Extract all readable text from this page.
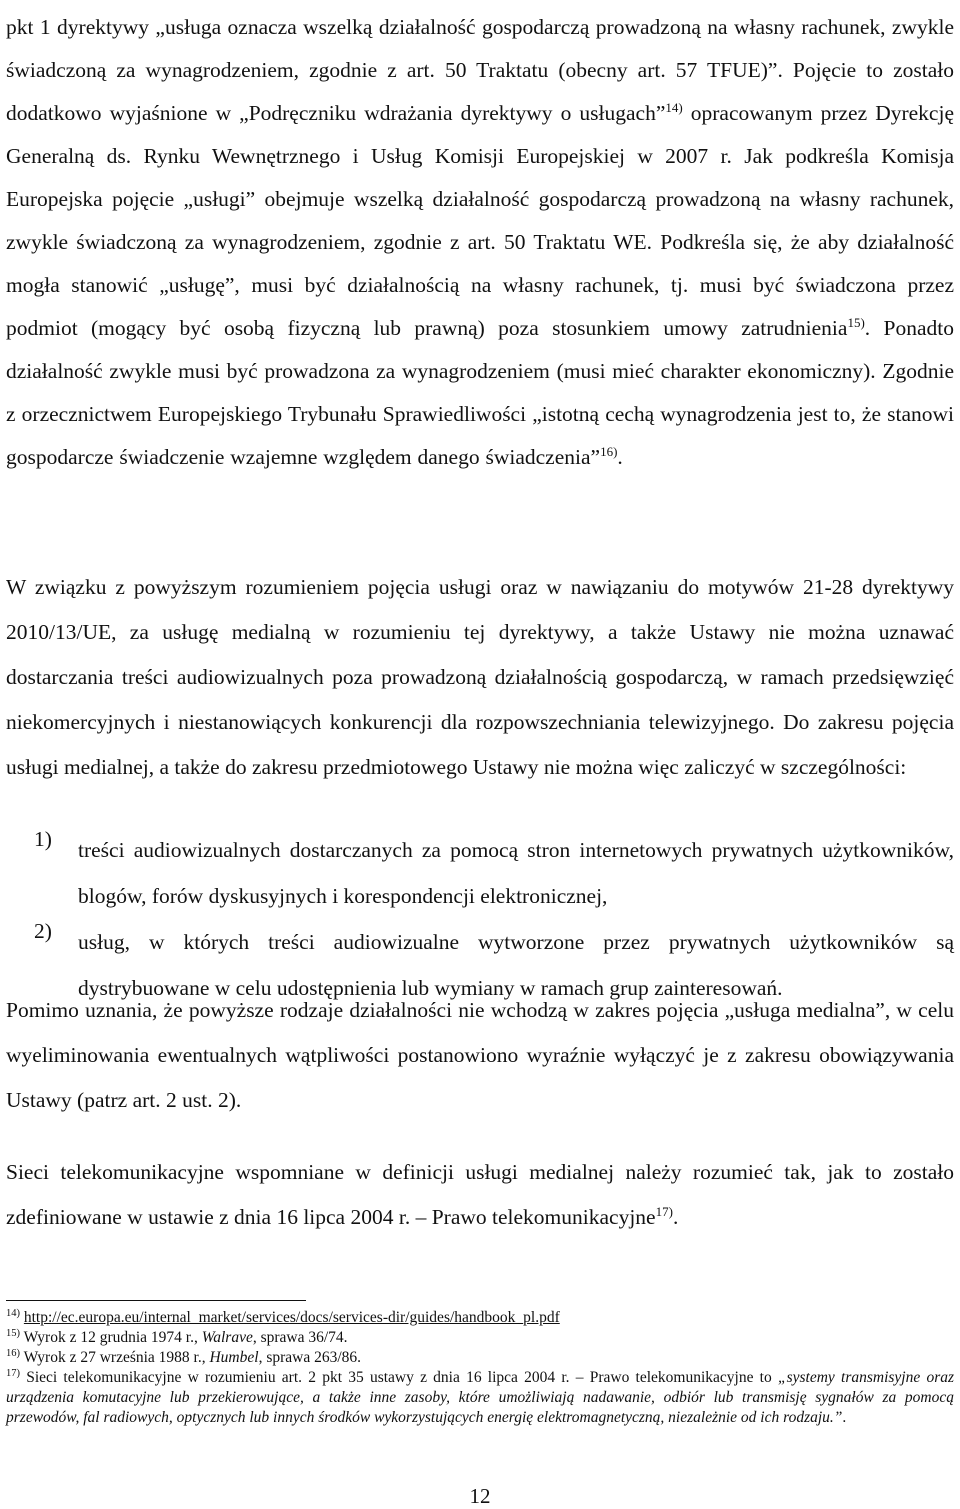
pkt 1 dyrektywy „usługa oznacza wszelką działalność gospodarczą prowadzoną na własny rachunek, zwykle świadczoną za wynagrodzeniem, zgodnie z art. 50 Traktatu (obecny art. 57 TFUE)”. Pojęcie to zostało dodatkowo wyjaśnione w „Podręczniku wdrażania dyrektywy o usługach”$^{14)}$ opracowanym przez Dyrekcję Generalną ds. Rynku Wewnętrznego i Usług Komisji Europejskiej w 2007 r. Jak podkreśla Komisja Europejska pojęcie „usługi” obejmuje wszelką działalność gospodarczą prowadzoną na własny rachunek, zwykle świadczoną za wynagrodzeniem, zgodnie z art. 50 Traktatu WE. Podkreśla się, że aby działalność mogła stanowić „usługę”, musi być działalnością na własny rachunek, tj. musi być świadczona przez podmiot (mogący być osobą fizyczną lub prawną) poza stosunkiem umowy zatrudnienia$^{15)}$. Ponadto działalność zwykle musi być prowadzona za wynagrodzeniem (musi mieć charakter ekonomiczny). Zgodnie z orzecznictwem Europejskiego Trybunału Sprawiedliwości „istotną cechą wynagrodzenia jest to, że stanowi gospodarcze świadczenie wzajemne względem danego świadczenia”$^{16)}$.

W związku z powyższym rozumieniem pojęcia usługi oraz w nawiązaniu do motywów 21-28 dyrektywy 2010/13/UE, za usługę medialną w rozumieniu tej dyrektywy, a także Ustawy nie można uznawać dostarczania treści audiowizualnych poza prowadzoną działalnością gospodarczą, w ramach przedsięwzięć niekomercyjnych i niestanowiących konkurencji dla rozpowszechniania telewizyjnego. Do zakresu pojęcia usługi medialnej, a także do zakresu przedmiotowego Ustawy nie można więc zaliczyć w szczególności:

1) treści audiowizualnych dostarczanych za pomocą stron internetowych prywatnych użytkowników, blogów, forów dyskusyjnych i korespondencji elektronicznej,
2) usług, w których treści audiowizualne wytworzone przez prywatnych użytkowników są dystrybuowane w celu udostępnienia lub wymiany w ramach grup zainteresowań.

Pomimo uznania, że powyższe rodzaje działalności nie wchodzą w zakres pojęcia „usługa medialna”, w celu wyeliminowania ewentualnych wątpliwości postanowiono wyraźnie wyłączyć je z zakresu obowiązywania Ustawy (patrz art. 2 ust. 2).

Sieci telekomunikacyjne wspomniane w definicji usługi medialnej należy rozumieć tak, jak to zostało zdefiniowane w ustawie z dnia 16 lipca 2004 r. – Prawo telekomunikacyjne$^{17)}$.

$^{14)}$ http://ec.europa.eu/internal_market/services/docs/services-dir/guides/handbook_pl.pdf

$^{15)}$ Wyrok z 12 grudnia 1974 r., Walrave, sprawa 36/74.

$^{16)}$ Wyrok z 27 września 1988 r., Humbel, sprawa 263/86.

$^{17)}$ Sieci telekomunikacyjne w rozumieniu art. 2 pkt 35 ustawy z dnia 16 lipca 2004 r. – Prawo telekomunikacyjne to „systemy transmisyjne oraz urządzenia komutacyjne lub przekierowujące, a także inne zasoby, które umożliwiają nadawanie, odbiór lub transmisję sygnałów za pomocą przewodów, fal radiowych, optycznych lub innych środków wykorzystujących energię elektromagnetyczną, niezależnie od ich rodzaju.”.

12
